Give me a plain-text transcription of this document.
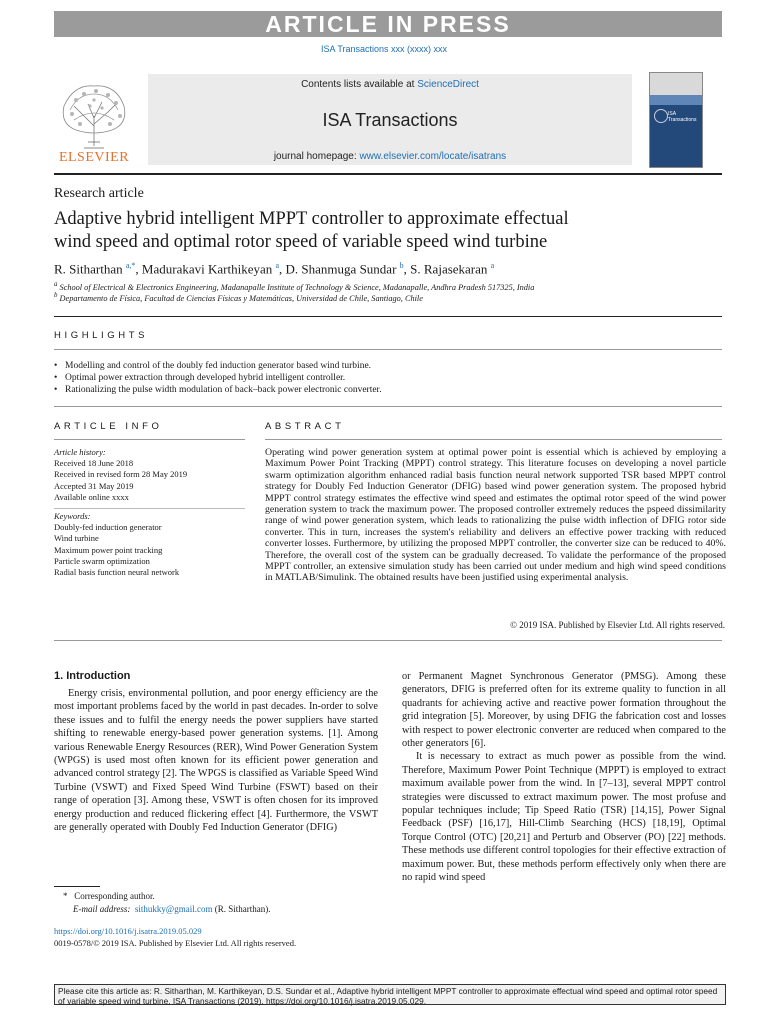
ARTICLE IN PRESS
ISA Transactions xxx (xxxx) xxx
ELSEVIER
Contents lists available at ScienceDirect
ISA Transactions
journal homepage: www.elsevier.com/locate/isatrans
ISA Transactions
Research article
Adaptive hybrid intelligent MPPT controller to approximate effectual
wind speed and optimal rotor speed of variable speed wind turbine
R. Sitharthan $^{a,*}$, Madurakavi Karthikeyan $^a$, D. Shanmuga Sundar $^b$, S. Rajasekaran $^a$
$^a$ School of Electrical & Electronics Engineering, Madanapalle Institute of Technology & Science, Madanapalle, Andhra Pradesh 517325, India
$^b$ Departamento de Física, Facultad de Ciencias Físicas y Matemáticas, Universidad de Chile, Santiago, Chile
HIGHLIGHTS
• Modelling and control of the doubly fed induction generator based wind turbine.
• Optimal power extraction through developed hybrid intelligent controller.
• Rationalizing the pulse width modulation of back–back power electronic converter.
ARTICLE INFO	ABSTRACT
Article history:
Received 18 June 2018
Received in revised form 28 May 2019
Accepted 31 May 2019
Available online xxxx
Keywords:
Doubly-fed induction generator
Wind turbine
Maximum power point tracking
Particle swarm optimization
Radial basis function neural network
Operating wind power generation system at optimal power point is essential which is achieved by employing a Maximum Power Point Tracking (MPPT) control strategy. This literature focuses on developing a novel particle swarm optimization algorithm enhanced radial basis function neural network supported TSR based MPPT control strategy for Doubly Fed Induction Generator (DFIG) based wind power generation system. The proposed hybrid MPPT control strategy estimates the effective wind speed and estimates the optimal rotor speed of the wind power generation system to track the maximum power. The proposed controller extremely reduces the pspeed dissimilarity range of wind power generation system, which leads to rationalizing the pulse width inflection of DFIG rotor side converter. This in turn, increases the system's reliability and delivers an effective power tracking with reduced converter losses. Furthermore, by utilizing the proposed MPPT controller, the converter size can be reduced to 40%. Therefore, the overall cost of the system can be gradually decreased. To validate the performance of the proposed MPPT controller, an extensive simulation study has been carried out under medium and high wind speed conditions in MATLAB/Simulink. The obtained results have been justified using experimental analysis.
© 2019 ISA. Published by Elsevier Ltd. All rights reserved.
1. Introduction

Energy crisis, environmental pollution, and poor energy efficiency are the most important problems faced by the world in past decades. In-order to solve these issues and to fulfil the energy needs the power suppliers have started shifting to renewable energy-based power generation systems. [1]. Among various Renewable Energy Resources (RER), Wind Power Generation System (WPGS) is used most often known for its efficient power generation and advanced control strategy [2]. The WPGS is classified as Variable Speed Wind Turbine (VSWT) and Fixed Speed Wind Turbine (FSWT) based on their range of operation [3]. Among these, VSWT is often chosen for its improved energy production and reduced flickering effect [4]. Furthermore, the VSWT are generally operated with Doubly Fed Induction Generator (DFIG)

or Permanent Magnet Synchronous Generator (PMSG). Among these generators, DFIG is preferred often for its extreme quality to function in all quadrants for achieving active and reactive power formation throughout the grid integration [5]. Moreover, by using DFIG the fabrication cost and losses with respect to power electronic converter are reduced when compared to the other generators [6].

It is necessary to extract as much power as possible from the wind. Therefore, Maximum Power Point Technique (MPPT) is employed to extract maximum available power from the wind. In [7–13], several MPPT control strategies were discussed to extract maximum power. The most profuse and popular techniques include; Tip Speed Ratio (TSR) [14,15], Power Signal Feedback (PSF) [16,17], Hill-Climb Searching (HCS) [18,19], Optimal Torque Control (OTC) [20,21] and Perturb and Observer (PO) [22] methods. These methods use different control topologies for their effective extraction of maximum power. But, these methods perform effectively only when there are no rapid wind speed

* Corresponding author.
E-mail address: sithukky@gmail.com (R. Sitharthan).
https://doi.org/10.1016/j.isatra.2019.05.029
0019-0578/© 2019 ISA. Published by Elsevier Ltd. All rights reserved.
Please cite this article as: R. Sitharthan, M. Karthikeyan, D.S. Sundar et al., Adaptive hybrid intelligent MPPT controller to approximate effectual wind speed and optimal rotor speed of variable speed wind turbine. ISA Transactions (2019), https://doi.org/10.1016/j.isatra.2019.05.029.
